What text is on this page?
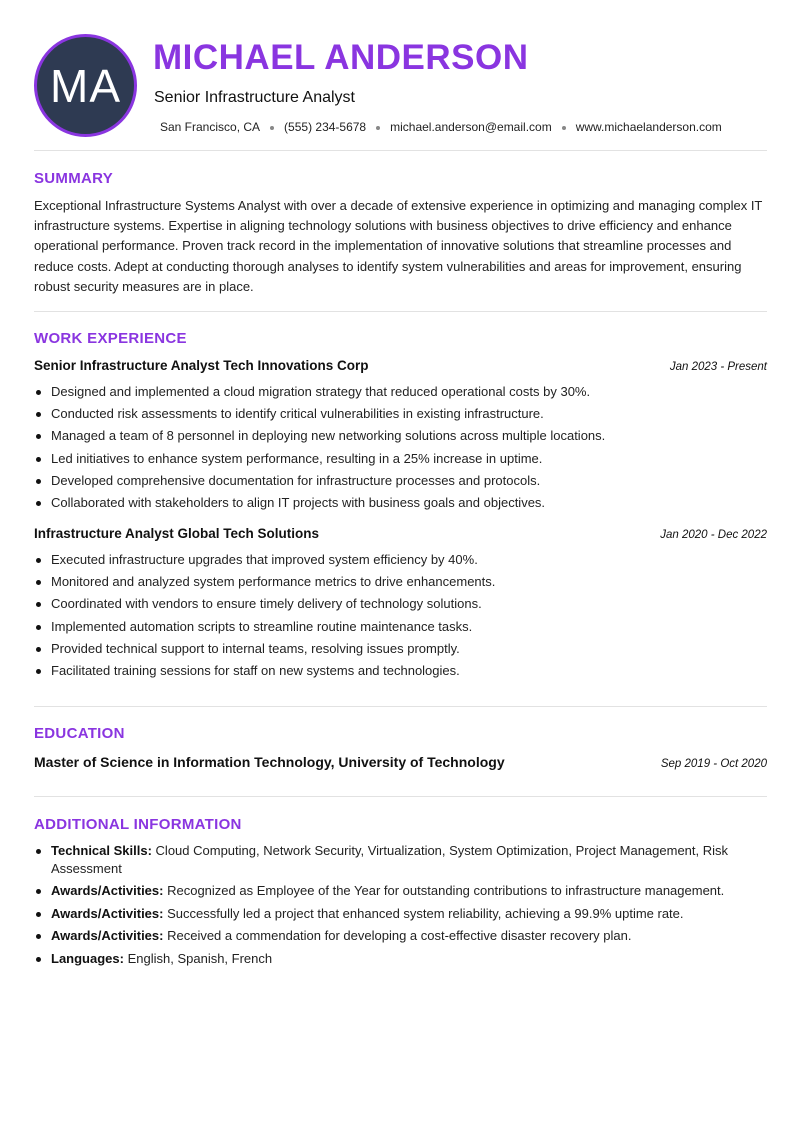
MA
MICHAEL ANDERSON
Senior Infrastructure Analyst
San Francisco, CA (555) 234-5678 michael.anderson@email.com www.michaelanderson.com
SUMMARY

Exceptional Infrastructure Systems Analyst with over a decade of extensive experience in optimizing and managing complex IT infrastructure systems. Expertise in aligning technology solutions with business objectives to drive efficiency and enhance operational performance. Proven track record in the implementation of innovative solutions that streamline processes and reduce costs. Adept at conducting thorough analyses to identify system vulnerabilities and areas for improvement, ensuring robust security measures are in place.

WORK EXPERIENCE
Senior Infrastructure Analyst Tech Innovations Corp	Jan 2023 - Present
Designed and implemented a cloud migration strategy that reduced operational costs by 30%.
Conducted risk assessments to identify critical vulnerabilities in existing infrastructure.
Managed a team of 8 personnel in deploying new networking solutions across multiple locations.
Led initiatives to enhance system performance, resulting in a 25% increase in uptime.
Developed comprehensive documentation for infrastructure processes and protocols.
Collaborated with stakeholders to align IT projects with business goals and objectives.
Infrastructure Analyst Global Tech Solutions	Jan 2020 - Dec 2022
Executed infrastructure upgrades that improved system efficiency by 40%.
Monitored and analyzed system performance metrics to drive enhancements.
Coordinated with vendors to ensure timely delivery of technology solutions.
Implemented automation scripts to streamline routine maintenance tasks.
Provided technical support to internal teams, resolving issues promptly.
Facilitated training sessions for staff on new systems and technologies.
EDUCATION
Master of Science in Information Technology, University of Technology	Sep 2019 - Oct 2020
ADDITIONAL INFORMATION
Technical Skills: Cloud Computing, Network Security, Virtualization, System Optimization, Project Management, Risk Assessment
Awards/Activities: Recognized as Employee of the Year for outstanding contributions to infrastructure management.
Awards/Activities: Successfully led a project that enhanced system reliability, achieving a 99.9% uptime rate.
Awards/Activities: Received a commendation for developing a cost-effective disaster recovery plan.
Languages: English, Spanish, French
